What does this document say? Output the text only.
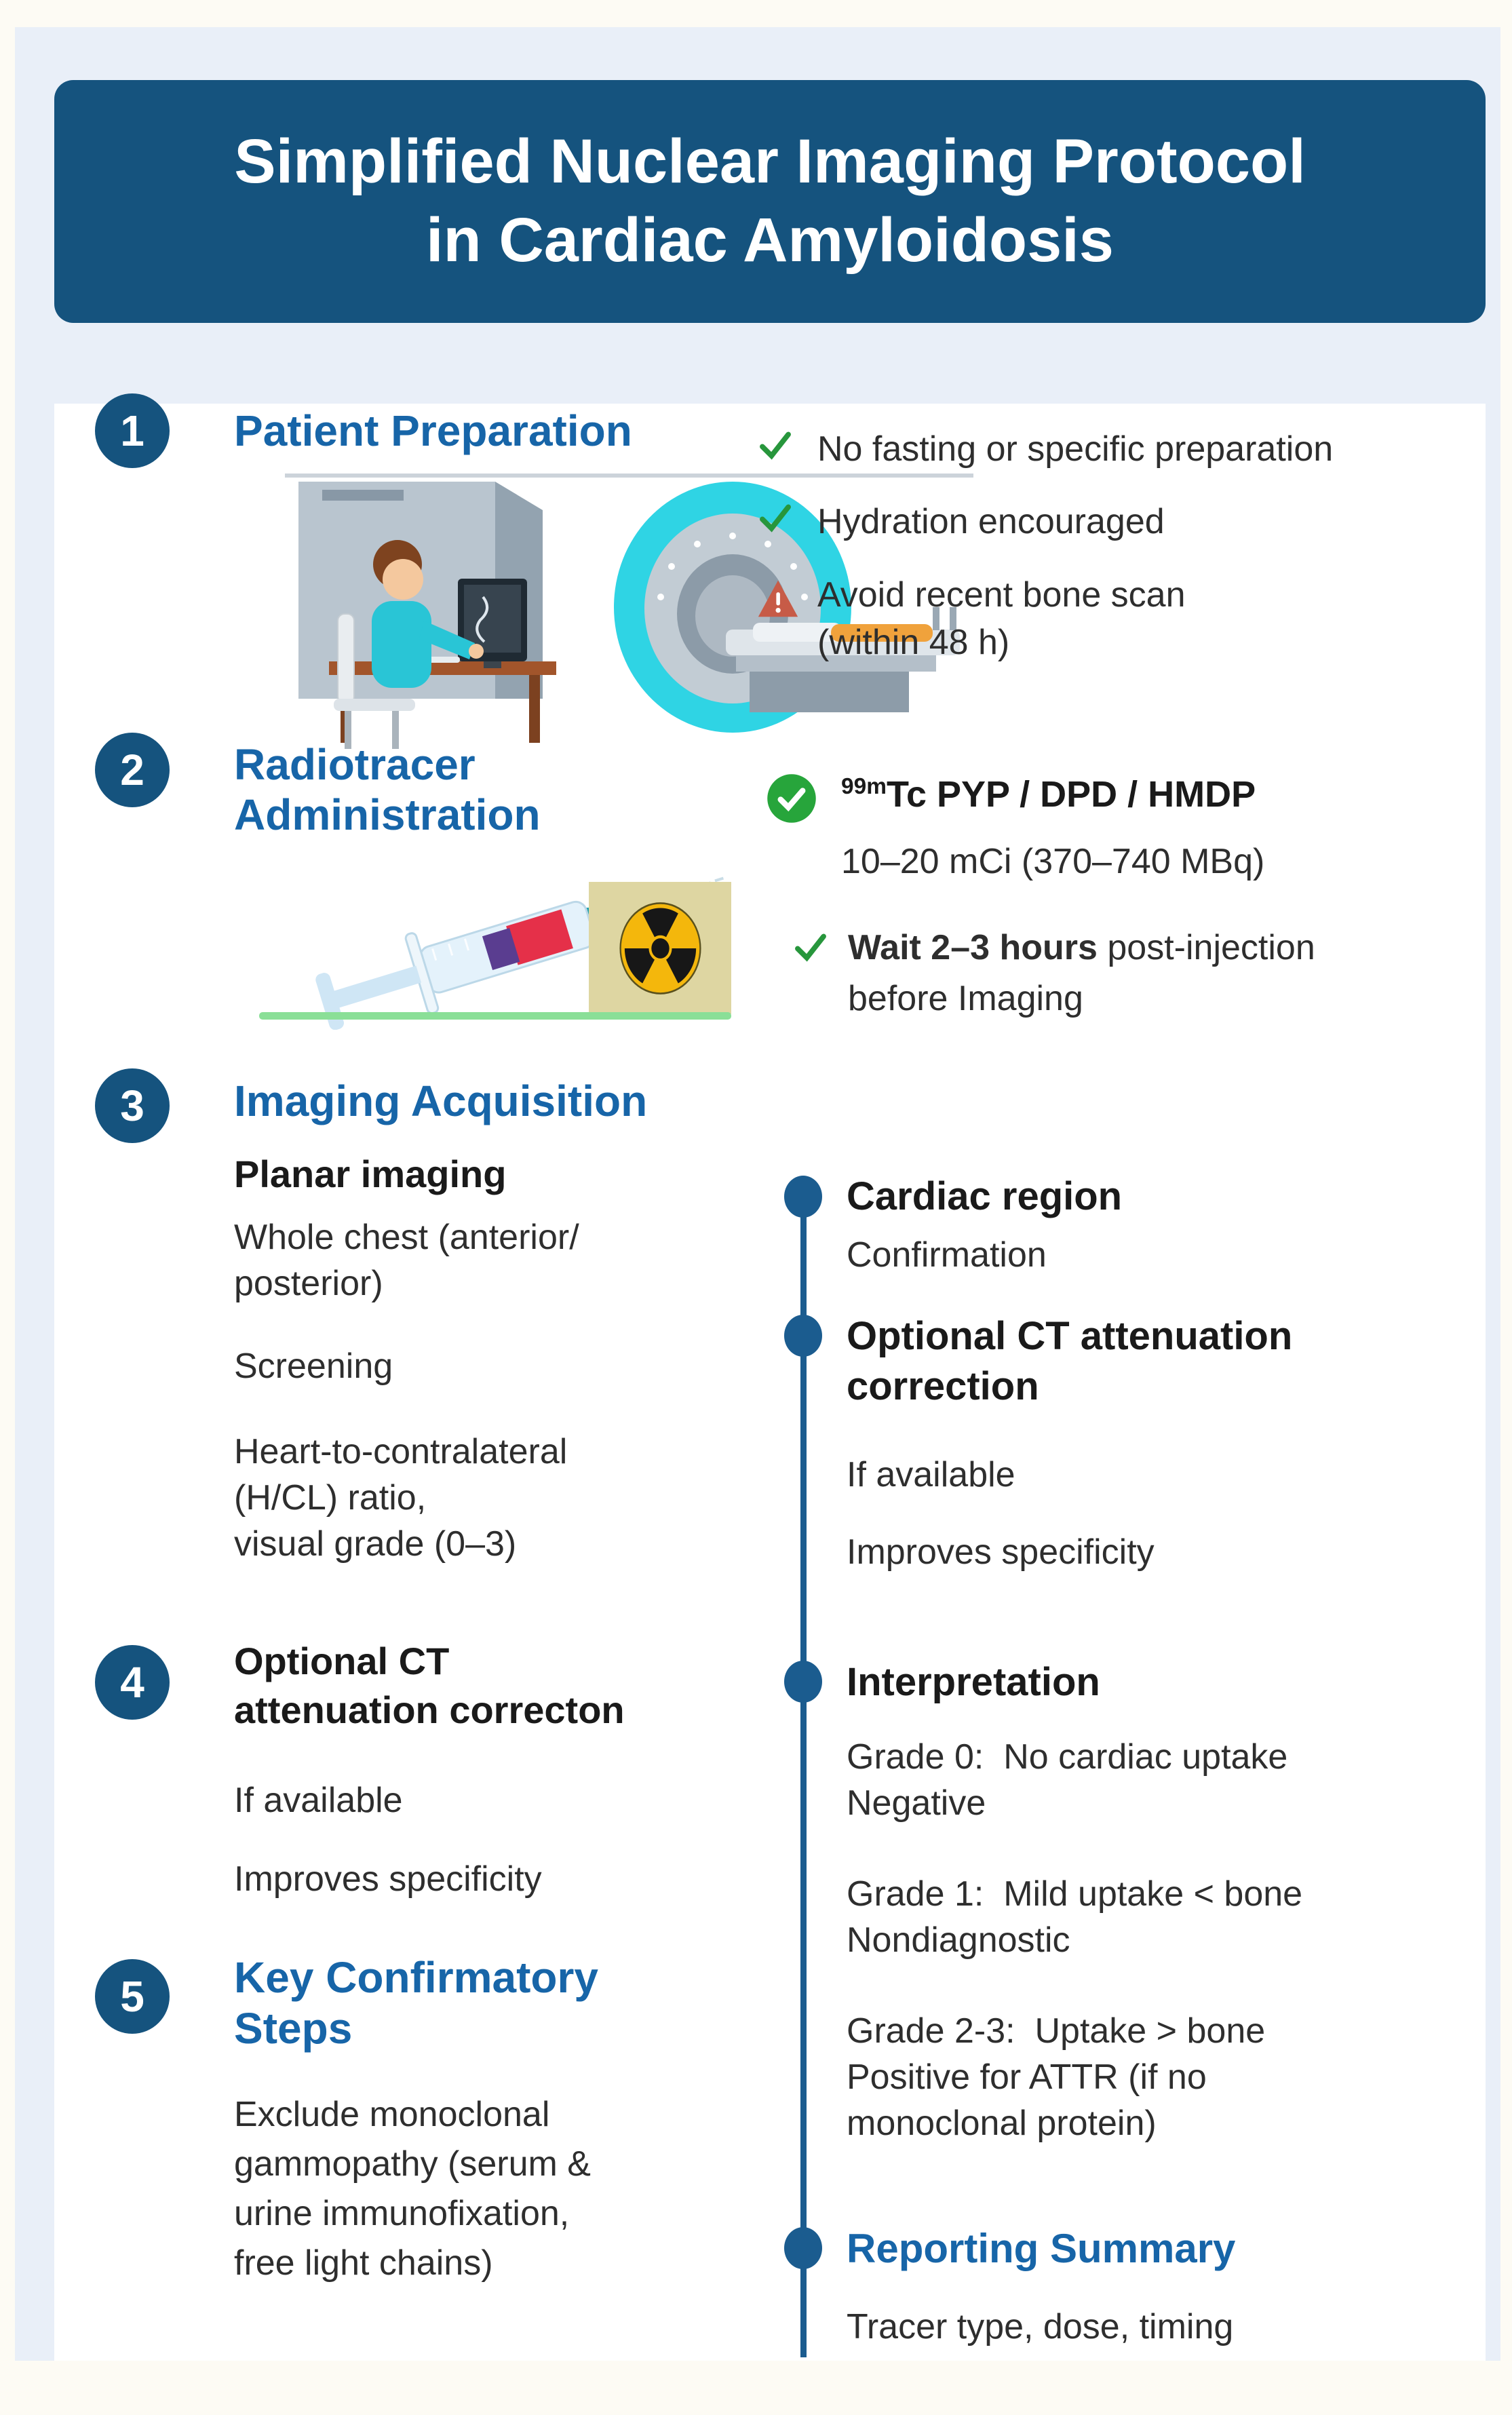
Simplified Nuclear Imaging Protocol
in Cardiac Amyloidosis
1 Patient Preparation	No fasting or specific preparation
Hydration encouraged
Avoid recent bone scan
(within 48 h)
2 Radiotracer
Administration
$^{99m}$Tc PYP / DPD / HMDP
10–20 mCi (370–740 MBq)
Wait 2–3 hours post-injection
before Imaging
3 Imaging Acquisition
Planar imaging
Whole chest (anterior/
posterior)
Screening
Heart-to-contralateral
(H/CL) ratio,
visual grade (0–3)
Cardiac region
Confirmation
Optional CT attenuation
correction
If available
Improves specificity
Interpretation
Grade 0:  No cardiac uptake
Negative
Grade 1:  Mild uptake < bone
Nondiagnostic
Grade 2-3:  Uptake > bone
Positive for ATTR (if no
monoclonal protein)
Reporting Summary
Tracer type, dose, timing
4 Optional CT
attenuation correcton
If available
Improves specificity
5 Key Confirmatory
Steps
Exclude monoclonal
gammopathy (serum &
urine immunofixation,
free light chains)
